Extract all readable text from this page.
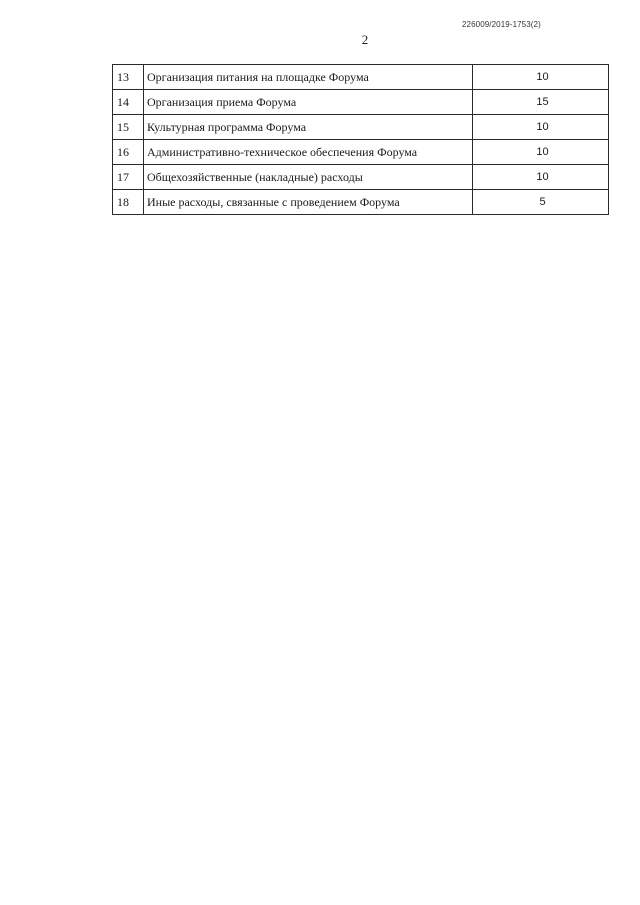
226009/2019-1753(2)
2
13	Организация питания на площадке Форума	10
14	Организация приема Форума	15
15	Культурная программа Форума	10
16	Административно-техническое обеспечения Форума	10
17	Общехозяйственные (накладные) расходы	10
18	Иные расходы, связанные с проведением Форума	5
